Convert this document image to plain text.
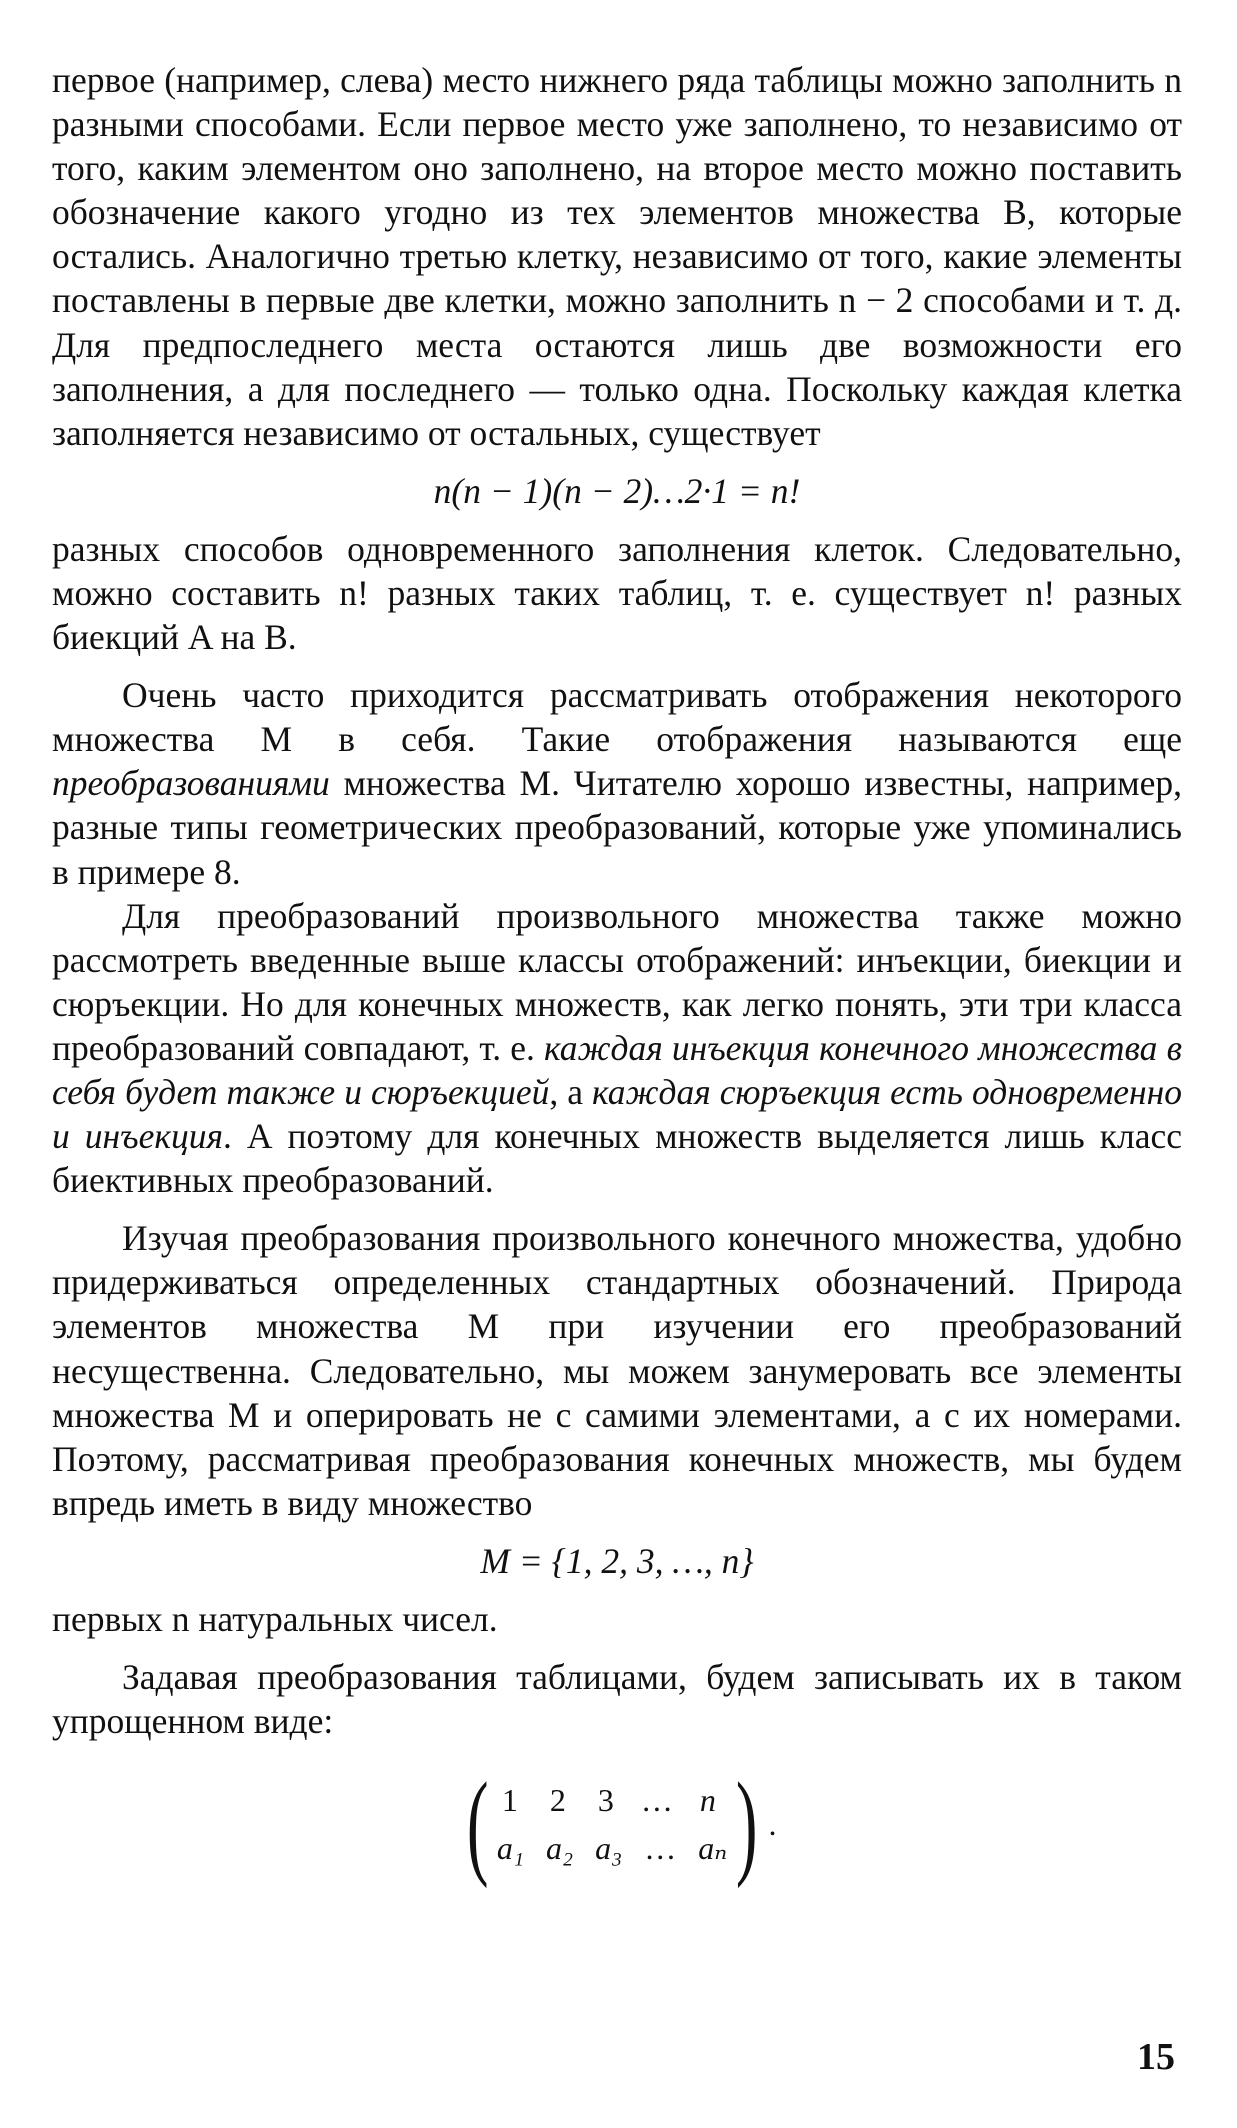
первое (например, слева) место нижнего ряда таблицы можно заполнить n разными способами. Если первое место уже заполнено, то независимо от того, каким элементом оно заполнено, на второе место можно поставить обозначение какого угодно из тех элементов множества B, которые остались. Аналогично третью клетку, независимо от того, какие элементы поставлены в первые две клетки, можно заполнить n − 2 способами и т. д. Для предпоследнего места остаются лишь две возможности его заполнения, а для последнего — только одна. Поскольку каждая клетка заполняется независимо от остальных, существует

n(n − 1)(n − 2)…2·1 = n!

разных способов одновременного заполнения клеток. Следовательно, можно составить n! разных таких таблиц, т. е. существует n! разных биекций A на B.

Очень часто приходится рассматривать отображения некоторого множества M в себя. Такие отображения называются еще преобразованиями множества M. Читателю хорошо известны, например, разные типы геометрических преобразований, которые уже упоминались в примере 8.

Для преобразований произвольного множества также можно рассмотреть введенные выше классы отображений: инъекции, биекции и сюръекции. Но для конечных множеств, как легко понять, эти три класса преобразований совпадают, т. е. каждая инъекция конечного множества в себя будет также и сюръекцией, а каждая сюръекция есть одновременно и инъекция. А поэтому для конечных множеств выделяется лишь класс биективных преобразований.

Изучая преобразования произвольного конечного множества, удобно придерживаться определенных стандартных обозначений. Природа элементов множества M при изучении его преобразований несущественна. Следовательно, мы можем занумеровать все элементы множества M и оперировать не с самими элементами, а с их номерами. Поэтому, рассматривая преобразования конечных множеств, мы будем впредь иметь в виду множество

M = {1, 2, 3, …, n}

первых n натуральных чисел.

Задавая преобразования таблицами, будем записывать их в таком упрощенном виде:

( 1 2 3 … n
a₁ a₂ a₃ … aₙ ) .
15
